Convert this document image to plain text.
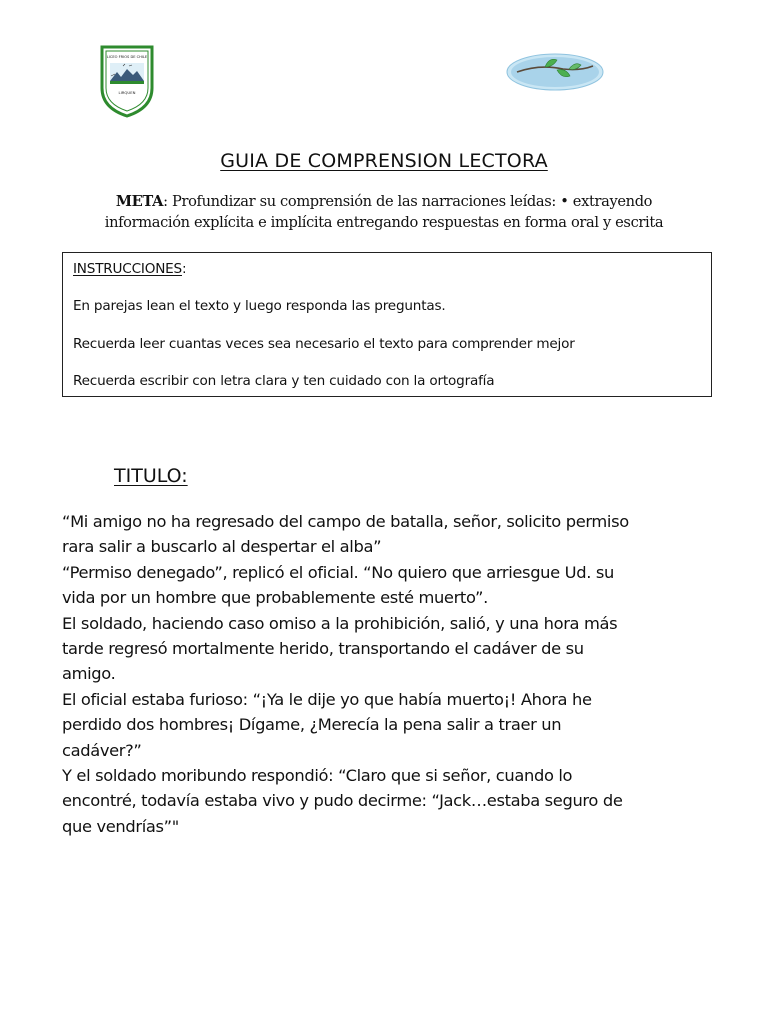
LICEO FRIOS DE CHILE
LIRQUEN
GUIA DE COMPRENSION LECTORA
META: Profundizar su comprensión de las narraciones leídas: • extrayendo
información explícita e implícita entregando respuestas en forma oral y escrita

INSTRUCCIONES:

En parejas lean el texto y luego responda las preguntas.

Recuerda leer cuantas veces sea necesario el texto para comprender mejor

Recuerda escribir con letra clara y ten cuidado con la ortografía

TITULO:
“Mi amigo no ha regresado del campo de batalla, señor, solicito permiso
rara salir a buscarlo al despertar el alba”
“Permiso denegado”, replicó el oficial. “No quiero que arriesgue Ud. su
vida por un hombre que probablemente esté muerto”.
El soldado, haciendo caso omiso a la prohibición, salió, y una hora más
tarde regresó mortalmente herido, transportando el cadáver de su
amigo.
El oficial estaba furioso: “¡Ya le dije yo que había muerto¡! Ahora he
perdido dos hombres¡ Dígame, ¿Merecía la pena salir a traer un
cadáver?”
Y el soldado moribundo respondió: “Claro que si señor, cuando lo
encontré, todavía estaba vivo y pudo decirme: “Jack…estaba seguro de
que vendrías”"
